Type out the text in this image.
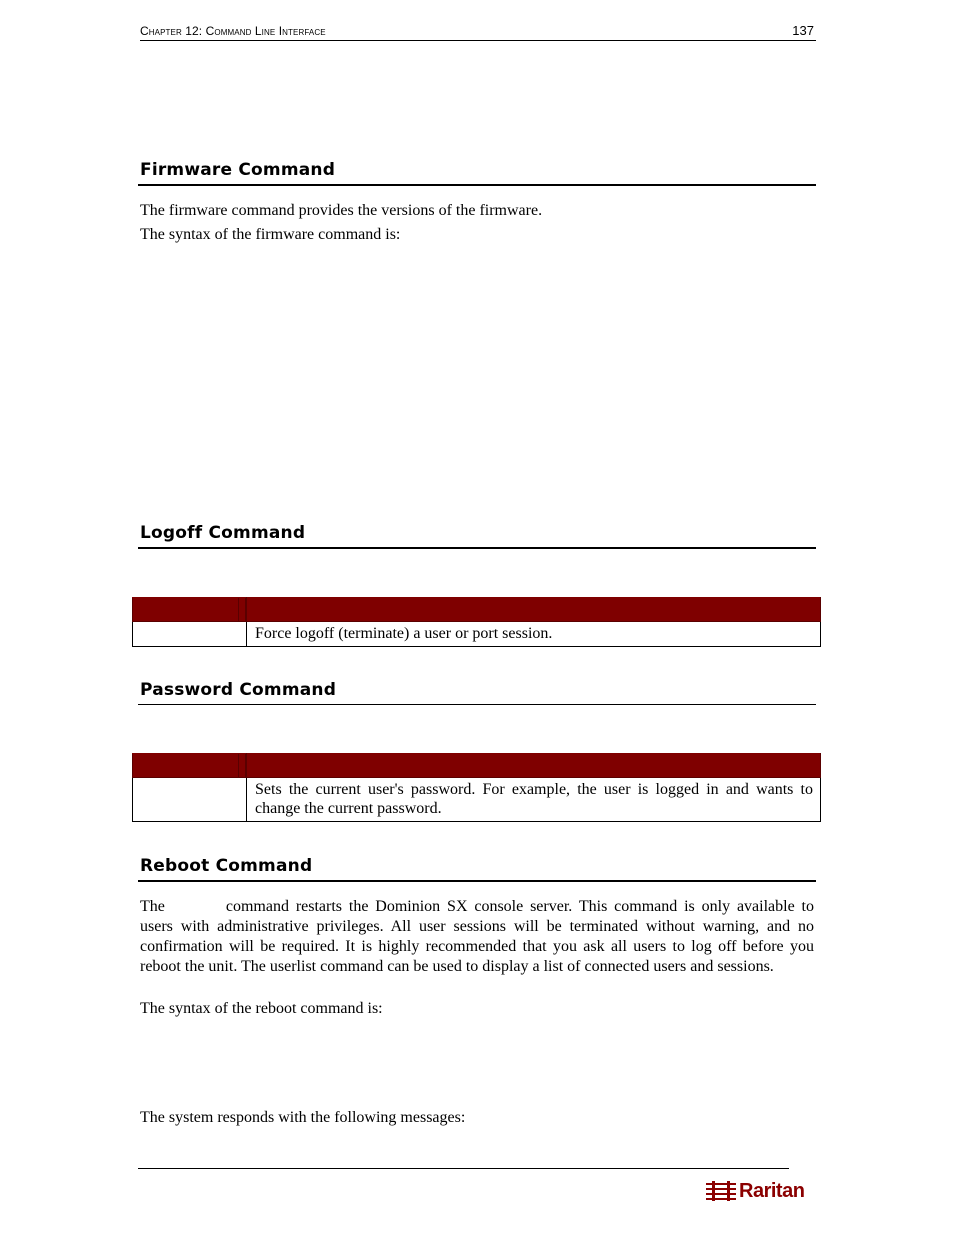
Chapter 12: Command Line Interface	137
Firmware Command
The firmware command provides the versions of the firmware.
The syntax of the firmware command is:
Logoff Command

	Force logoff (terminate) a user or port session.
Password Command

	Sets the current user's password. For example, the user is logged in and wants to change the current password.
Reboot Command
The	command restarts the Dominion SX console server. This command is only available to users with administrative privileges. All user sessions will be terminated without warning, and no confirmation will be required. It is highly recommended that you ask all users to log off before you reboot the unit. The userlist command can be used to display a list of connected users and sessions.
The syntax of the reboot command is:
The system responds with the following messages:
Raritan
